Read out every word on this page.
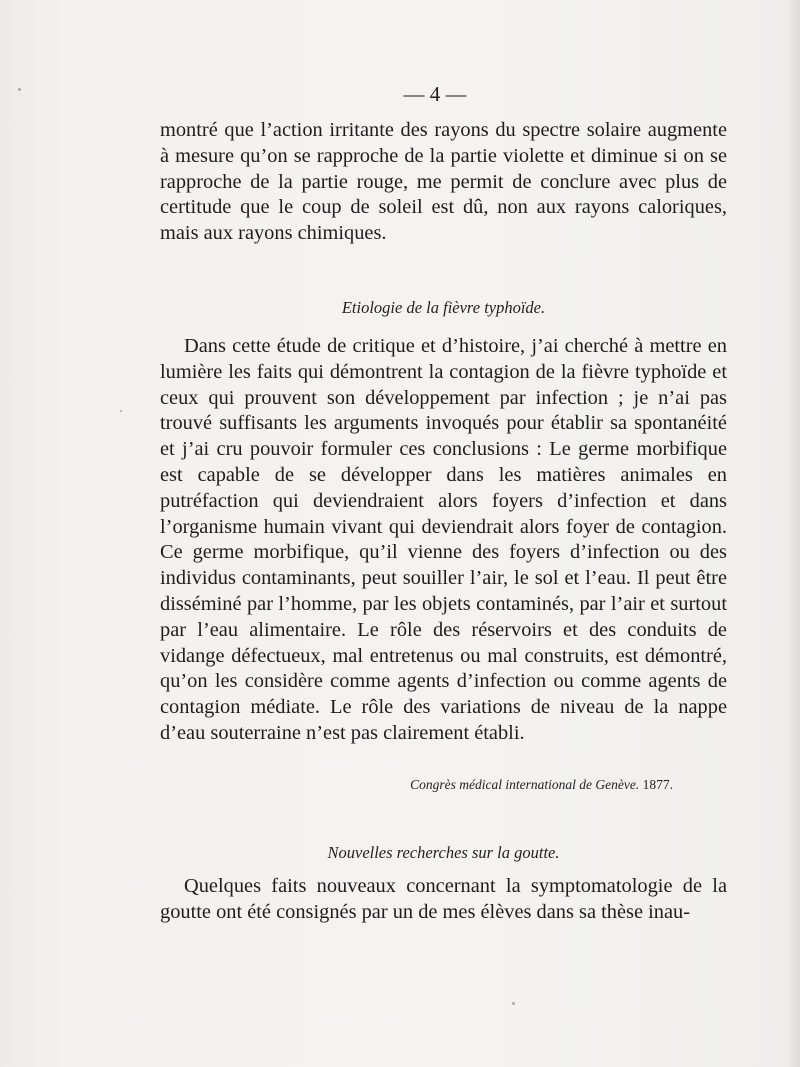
— 4 —

montré que l’action irritante des rayons du spectre solaire augmente à mesure qu’on se rapproche de la partie violette et diminue si on se rapproche de la partie rouge, me permit de conclure avec plus de certitude que le coup de soleil est dû, non aux rayons caloriques, mais aux rayons chimiques.

Etiologie de la fièvre typhoïde.

Dans cette étude de critique et d’histoire, j’ai cherché à mettre en lumière les faits qui démontrent la contagion de la fièvre typhoïde et ceux qui prouvent son développement par infection ; je n’ai pas trouvé suffisants les arguments invoqués pour établir sa spontanéité et j’ai cru pouvoir formuler ces conclusions : Le germe morbifique est capable de se développer dans les matières animales en putréfaction qui deviendraient alors foyers d’infection et dans l’organisme humain vivant qui deviendrait alors foyer de contagion. Ce germe morbifique, qu’il vienne des foyers d’infection ou des individus contaminants, peut souiller l’air, le sol et l’eau. Il peut être disséminé par l’homme, par les objets contaminés, par l’air et surtout par l’eau alimentaire. Le rôle des réservoirs et des conduits de vidange défectueux, mal entretenus ou mal construits, est démontré, qu’on les considère comme agents d’infection ou comme agents de contagion médiate. Le rôle des variations de niveau de la nappe d’eau souterraine n’est pas clairement établi.

Congrès médical international de Genève. 1877.
Nouvelles recherches sur la goutte.

Quelques faits nouveaux concernant la symptomatologie de la goutte ont été consignés par un de mes élèves dans sa thèse inau-
